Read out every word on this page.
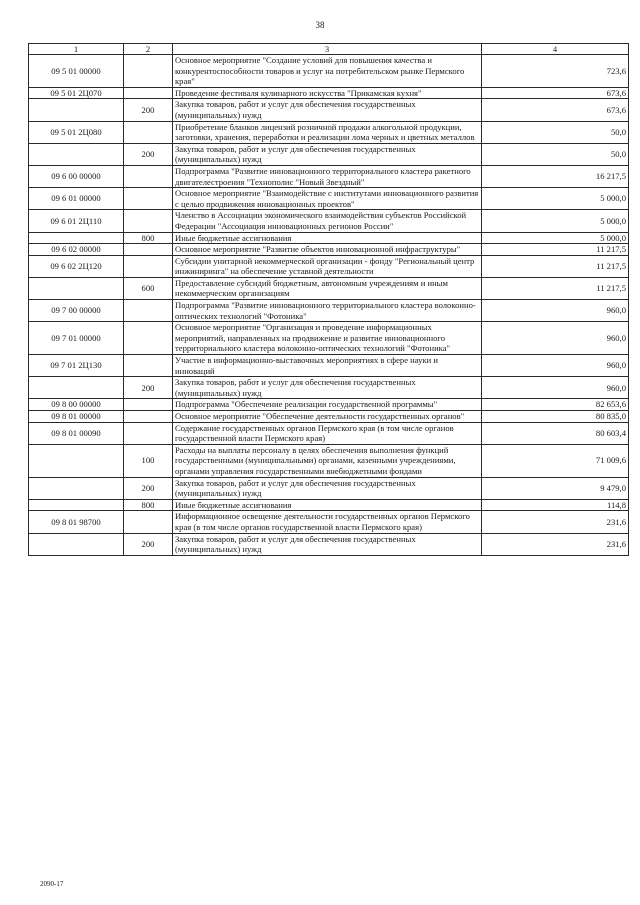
38
1	2	3	4
09 5 01 00000		Основное мероприятие "Создание условий для повышения качества и конкурентоспособности товаров и услуг на потребительском рынке Пермского края"	723,6
09 5 01 2Ц070		Проведение фестиваля кулинарного искусства "Прикамская кухня"	673,6
	200	Закупка товаров, работ и услуг для обеспечения государственных (муниципальных) нужд	673,6
09 5 01 2Ц080		Приобретение бланков лицензий розничной продажи алкогольной продукции, заготовки, хранения, переработки и реализации лома черных и цветных металлов	50,0
	200	Закупка товаров, работ и услуг для обеспечения государственных (муниципальных) нужд	50,0
09 6 00 00000		Подпрограмма "Развитие инновационного территориального кластера ракетного двигателестроения "Технополис "Новый Звездный"	16 217,5
09 6 01 00000		Основное мероприятие "Взаимодействие с институтами инновационного развития с целью продвижения инновационных проектов"	5 000,0
09 6 01 2Ц110		Членство в Ассоциации экономического взаимодействия субъектов Российской Федерации "Ассоциация инновационных регионов России"	5 000,0
	800	Иные бюджетные ассигнования	5 000,0
09 6 02 00000		Основное мероприятие "Развитие объектов инновационной инфраструктуры"	11 217,5
09 6 02 2Ц120		Субсидии унитарной некоммерческой организации - фонду "Региональный центр инжиниринга" на обеспечение уставной деятельности	11 217,5
	600	Предоставление субсидий бюджетным, автономным учреждениям и иным некоммерческим организациям	11 217,5
09 7 00 00000		Подпрограмма "Развитие инновационного территориального кластера волоконно-оптических технологий "Фотоника"	960,0
09 7 01 00000		Основное мероприятие "Организация и проведение информационных мероприятий, направленных на продвижение и развитие инновационного территориального кластера волоконно-оптических технологий "Фотоника"	960,0
09 7 01 2Ц130		Участие в информационно-выставочных мероприятиях в сфере науки и инноваций	960,0
	200	Закупка товаров, работ и услуг для обеспечения государственных (муниципальных) нужд	960,0
09 8 00 00000		Подпрограмма "Обеспечение реализации государственной программы"	82 653,6
09 8 01 00000		Основное мероприятие "Обеспечение деятельности государственных органов"	80 835,0
09 8 01 00090		Содержание государственных органов Пермского края (в том числе органов государственной власти Пермского края)	80 603,4
	100	Расходы на выплаты персоналу в целях обеспечения выполнения функций государственными (муниципальными) органами, казенными учреждениями, органами управления государственными внебюджетными фондами	71 009,6
	200	Закупка товаров, работ и услуг для обеспечения государственных (муниципальных) нужд	9 479,0
	800	Иные бюджетные ассигнования	114,8
09 8 01 98700		Информационное освещение деятельности государственных органов Пермского края (в том числе органов государственной власти Пермского края)	231,6
	200	Закупка товаров, работ и услуг для обеспечения государственных (муниципальных) нужд	231,6
2090-17
